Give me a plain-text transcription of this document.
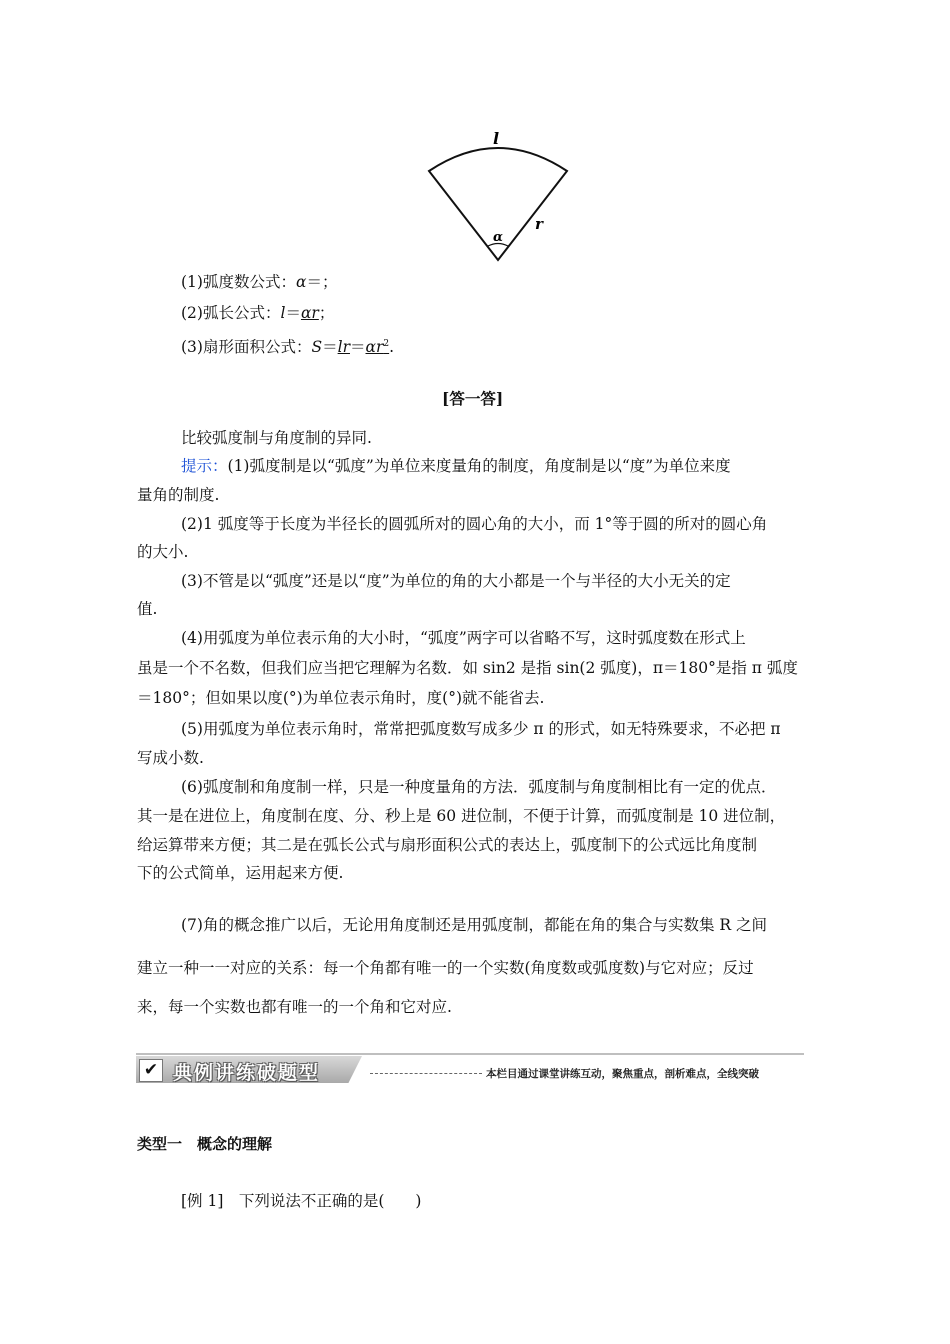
l
r
α
(1)弧度数公式：α＝；
(2)弧长公式：l＝αr；
(3)扇形面积公式：$S=lr=\alpha r^2$.
[答一答]
比较弧度制与角度制的异同.
提示：(1)弧度制是以“弧度”为单位来度量角的制度，角度制是以“度”为单位来度
量角的制度.
(2)1 弧度等于长度为半径长的圆弧所对的圆心角的大小，而 1°等于圆的所对的圆心角
的大小.
(3)不管是以“弧度”还是以“度”为单位的角的大小都是一个与半径的大小无关的定
值.
(4)用弧度为单位表示角的大小时，“弧度”两字可以省略不写，这时弧度数在形式上
虽是一个不名数，但我们应当把它理解为名数．如 sin2 是指 sin(2 弧度)，π＝180°是指 π 弧度
＝180°；但如果以度(°)为单位表示角时，度(°)就不能省去.
(5)用弧度为单位表示角时，常常把弧度数写成多少 π 的形式，如无特殊要求，不必把 π
写成小数.
(6)弧度制和角度制一样，只是一种度量角的方法．弧度制与角度制相比有一定的优点．
其一是在进位上，角度制在度、分、秒上是 60 进位制，不便于计算，而弧度制是 10 进位制，
给运算带来方便；其二是在弧长公式与扇形面积公式的表达上，弧度制下的公式远比角度制
下的公式简单，运用起来方便.
(7)角的概念推广以后，无论用角度制还是用弧度制，都能在角的集合与实数集 R 之间
建立一种一一对应的关系：每一个角都有唯一的一个实数(角度数或弧度数)与它对应；反过
来，每一个实数也都有唯一的一个角和它对应.
✔ 典例讲练破题型	本栏目通过课堂讲练互动，聚焦重点，剖析难点，全线突破
类型一　概念的理解
[例 1]　下列说法不正确的是(　　)
